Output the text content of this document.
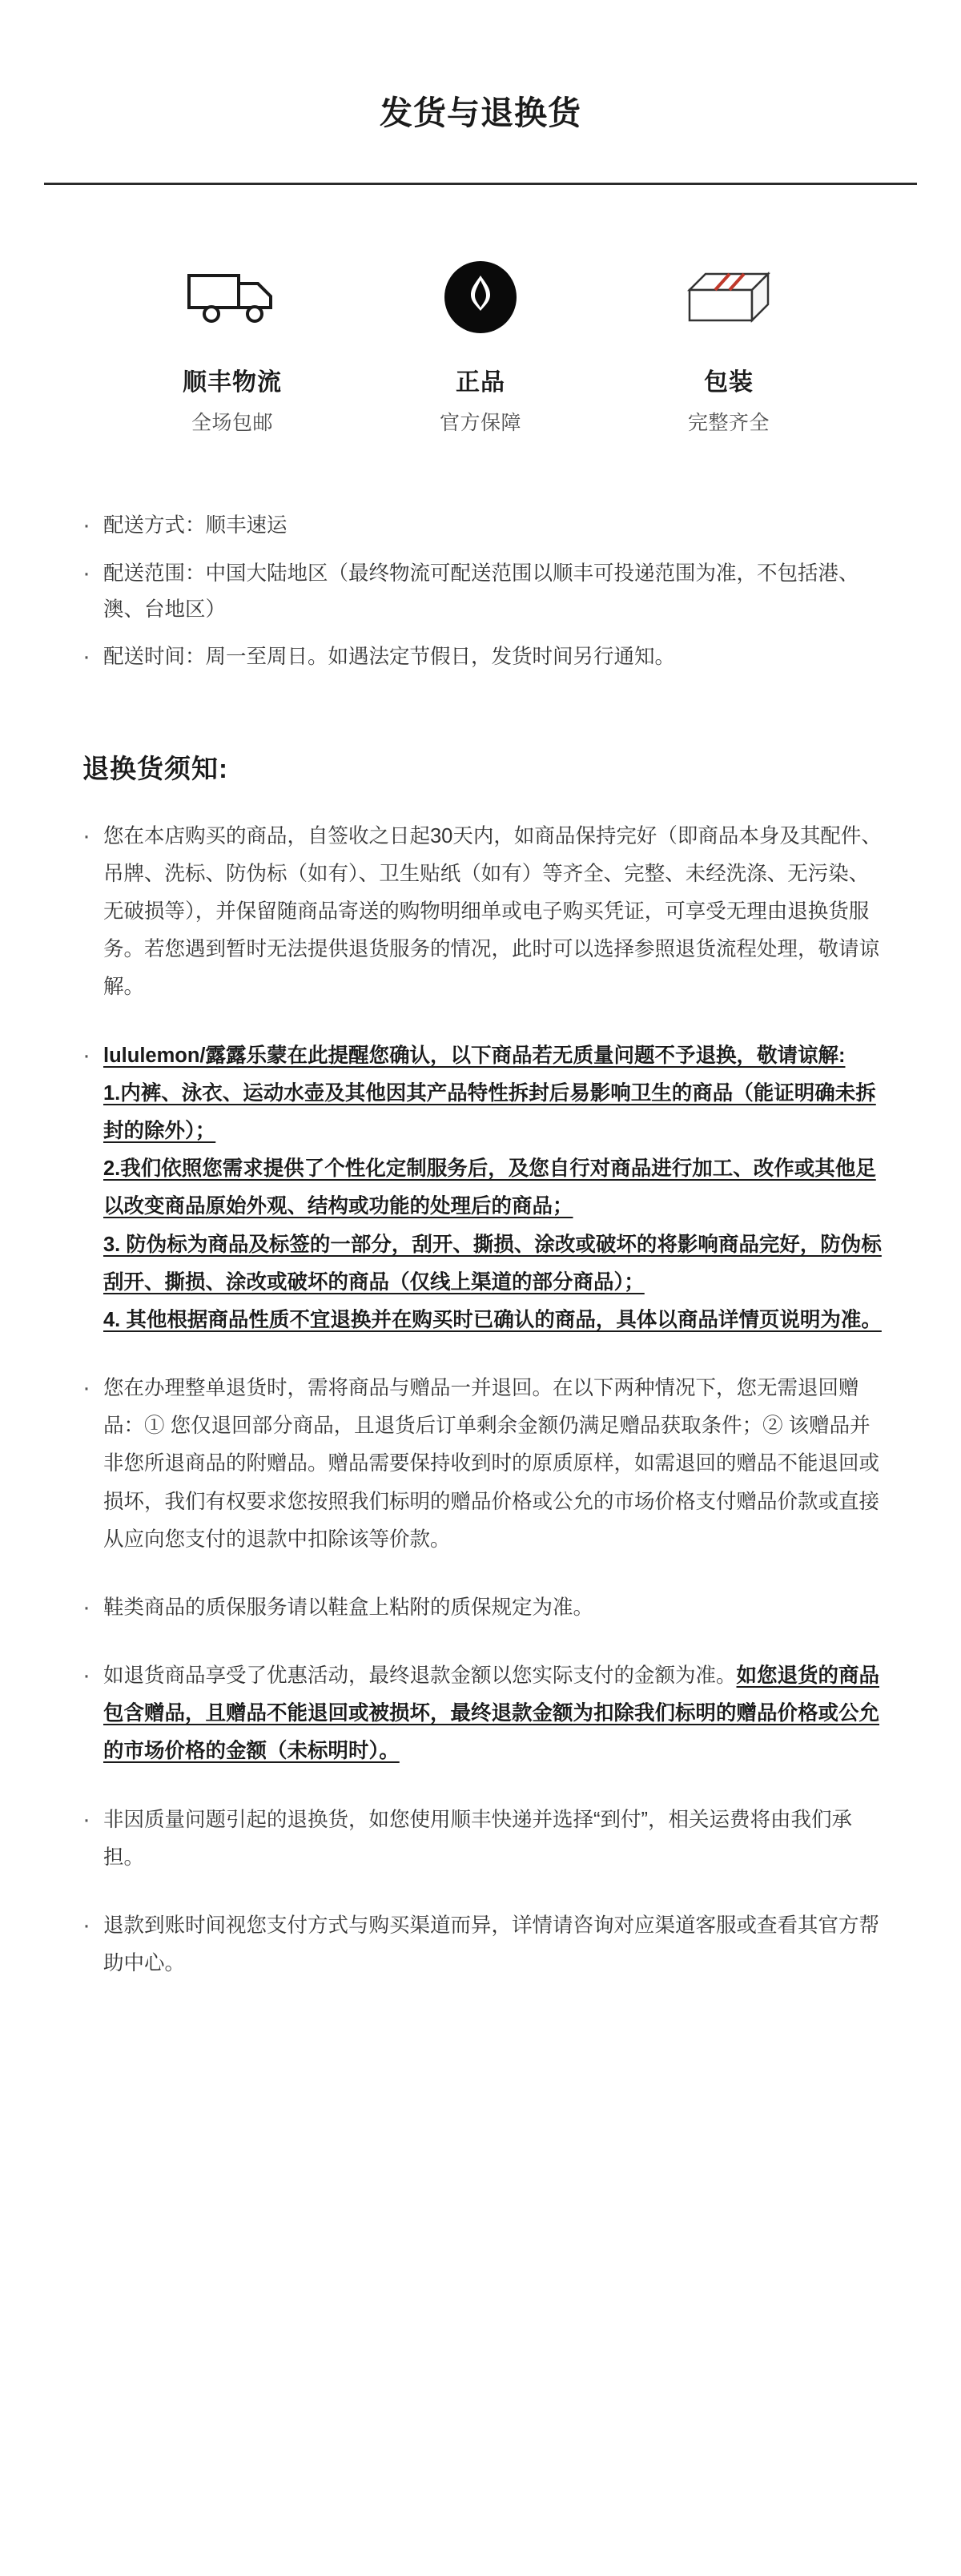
发货与退换货
顺丰物流
全场包邮
正品
官方保障
包装
完整齐全
· 配送方式：顺丰速运
· 配送范围：中国大陆地区（最终物流可配送范围以顺丰可投递范围为准，不包括港、澳、台地区）
· 配送时间：周一至周日。如遇法定节假日，发货时间另行通知。
退换货须知:
· 您在本店购买的商品，自签收之日起30天内，如商品保持完好（即商品本身及其配件、吊牌、洗标、防伪标（如有）、卫生贴纸（如有）等齐全、完整、未经洗涤、无污染、无破损等），并保留随商品寄送的购物明细单或电子购买凭证，可享受无理由退换货服务。若您遇到暂时无法提供退货服务的情况，此时可以选择参照退货流程处理，敬请谅解。
· lululemon/露露乐蒙在此提醒您确认，以下商品若无质量问题不予退换，敬请谅解:
1.内裤、泳衣、运动水壶及其他因其产品特性拆封后易影响卫生的商品（能证明确未拆封的除外）；
2.我们依照您需求提供了个性化定制服务后，及您自行对商品进行加工、改作或其他足以改变商品原始外观、结构或功能的处理后的商品；
3. 防伪标为商品及标签的一部分，刮开、撕损、涂改或破坏的将影响商品完好，防伪标刮开、撕损、涂改或破坏的商品（仅线上渠道的部分商品）；
4. 其他根据商品性质不宜退换并在购买时已确认的商品，具体以商品详情页说明为准。
· 您在办理整单退货时，需将商品与赠品一并退回。在以下两种情况下，您无需退回赠品：① 您仅退回部分商品，且退货后订单剩余金额仍满足赠品获取条件；② 该赠品并非您所退商品的附赠品。赠品需要保持收到时的原质原样，如需退回的赠品不能退回或损坏，我们有权要求您按照我们标明的赠品价格或公允的市场价格支付赠品价款或直接从应向您支付的退款中扣除该等价款。
· 鞋类商品的质保服务请以鞋盒上粘附的质保规定为准。
· 如退货商品享受了优惠活动，最终退款金额以您实际支付的金额为准。如您退货的商品包含赠品，且赠品不能退回或被损坏，最终退款金额为扣除我们标明的赠品价格或公允的市场价格的金额（未标明时）。
· 非因质量问题引起的退换货，如您使用顺丰快递并选择“到付”，相关运费将由我们承担。
· 退款到账时间视您支付方式与购买渠道而异，详情请咨询对应渠道客服或查看其官方帮助中心。
